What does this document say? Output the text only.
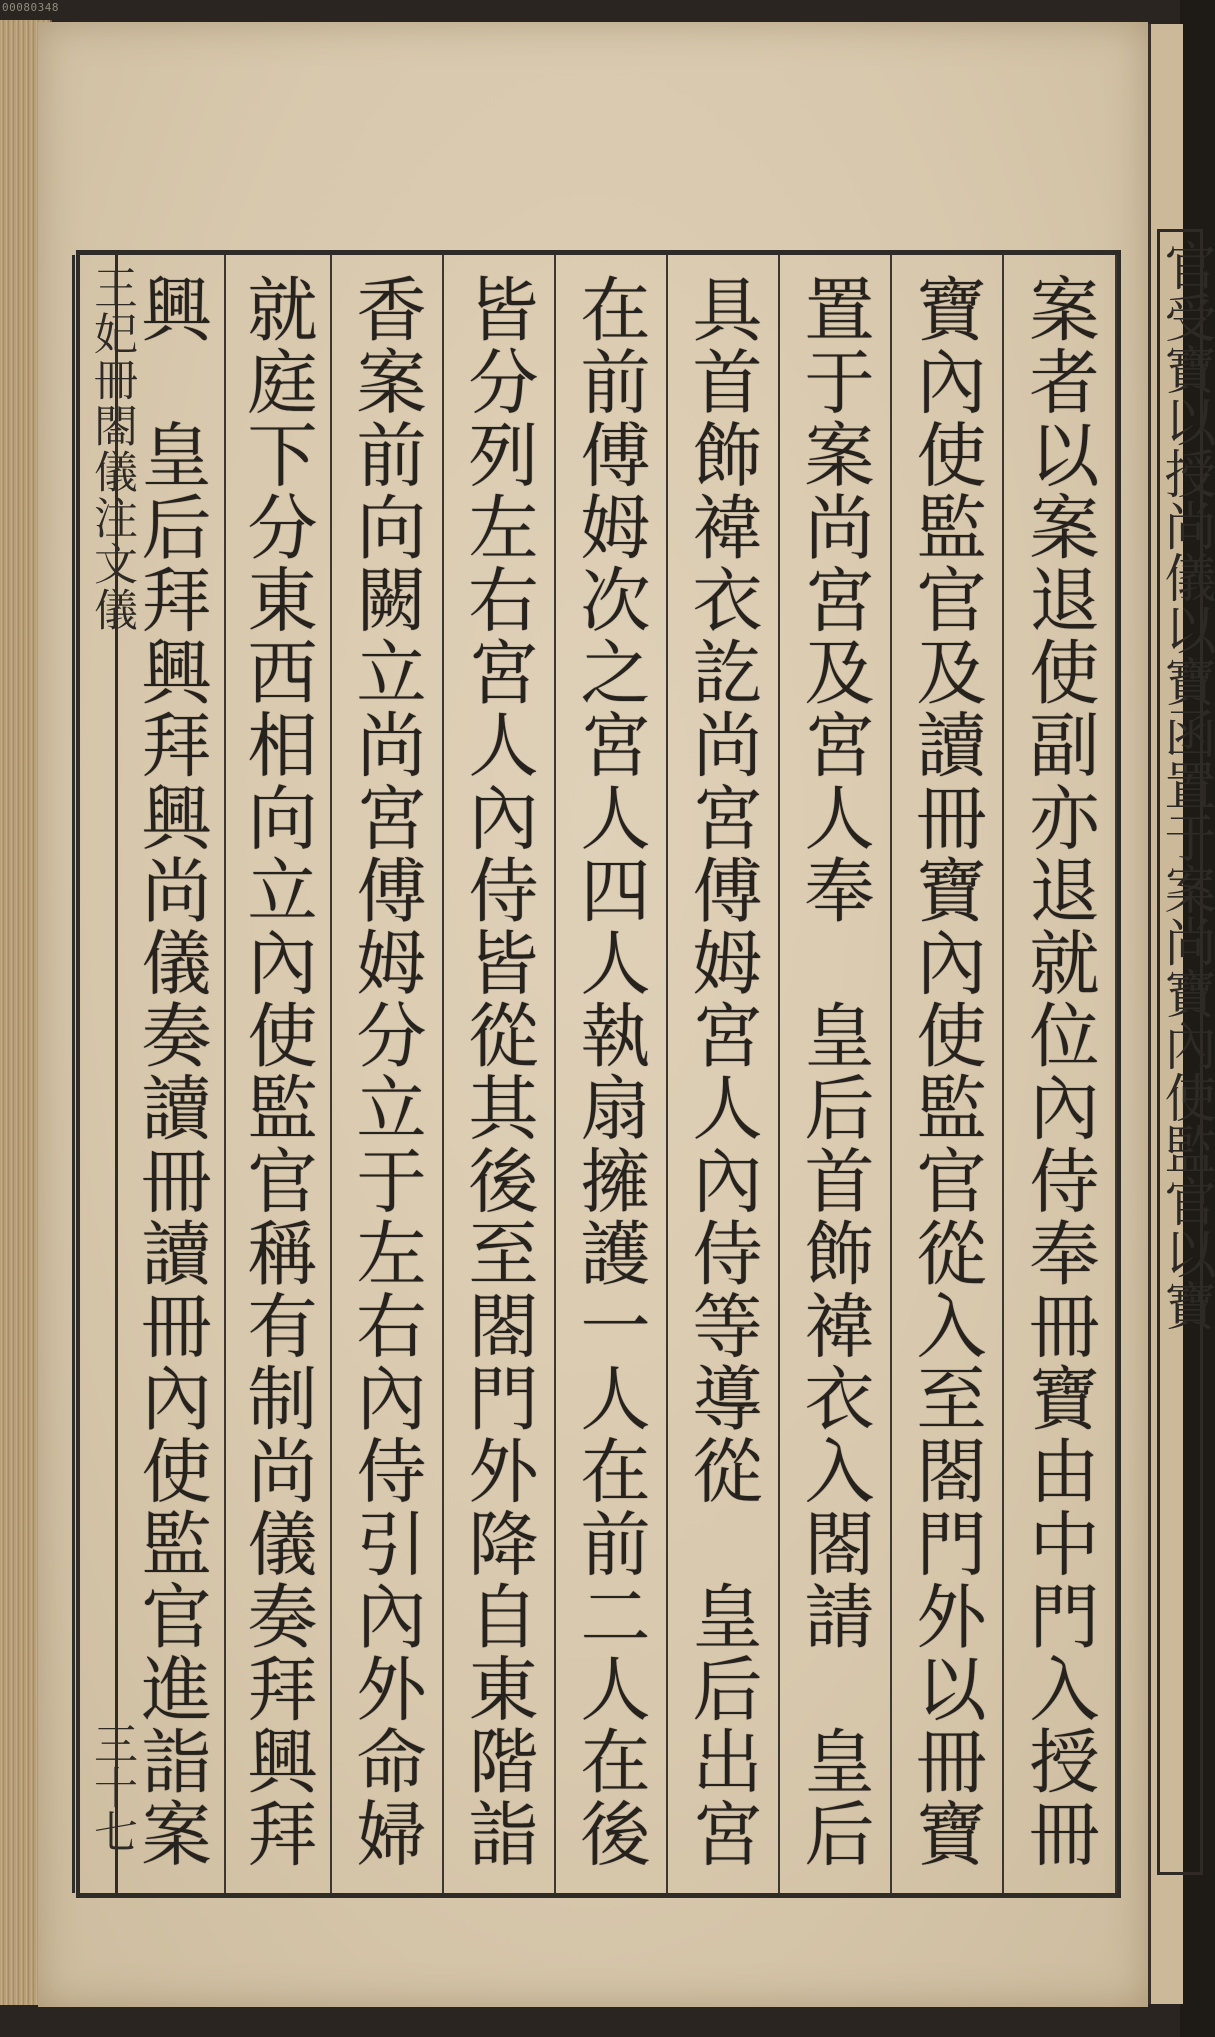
00080348
王妃冊閤儀注文儀
三十七	案者以案退使副亦退就位內侍奉冊寶由中門入授冊
寶內使監官及讀冊寶內使監官從入至閤門外以冊寶
置于案尚宮及宮人奉　皇后首飾褘衣入閤請　皇后
具首飾褘衣訖尚宮傅姆宮人內侍等導從　皇后出宮
在前傅姆次之宮人四人執扇擁護一人在前二人在後
皆分列左右宮人內侍皆從其後至閤門外降自東階詣
香案前向闕立尚宮傅姆分立于左右內侍引內外命婦
就庭下分東西相向立內使監官稱有制尚儀奏拜興拜
興　皇后拜興拜興尚儀奏讀冊讀冊內使監官進詣案	官受寶以授尚儀以寶函置于案尚寶內使監官以寶
